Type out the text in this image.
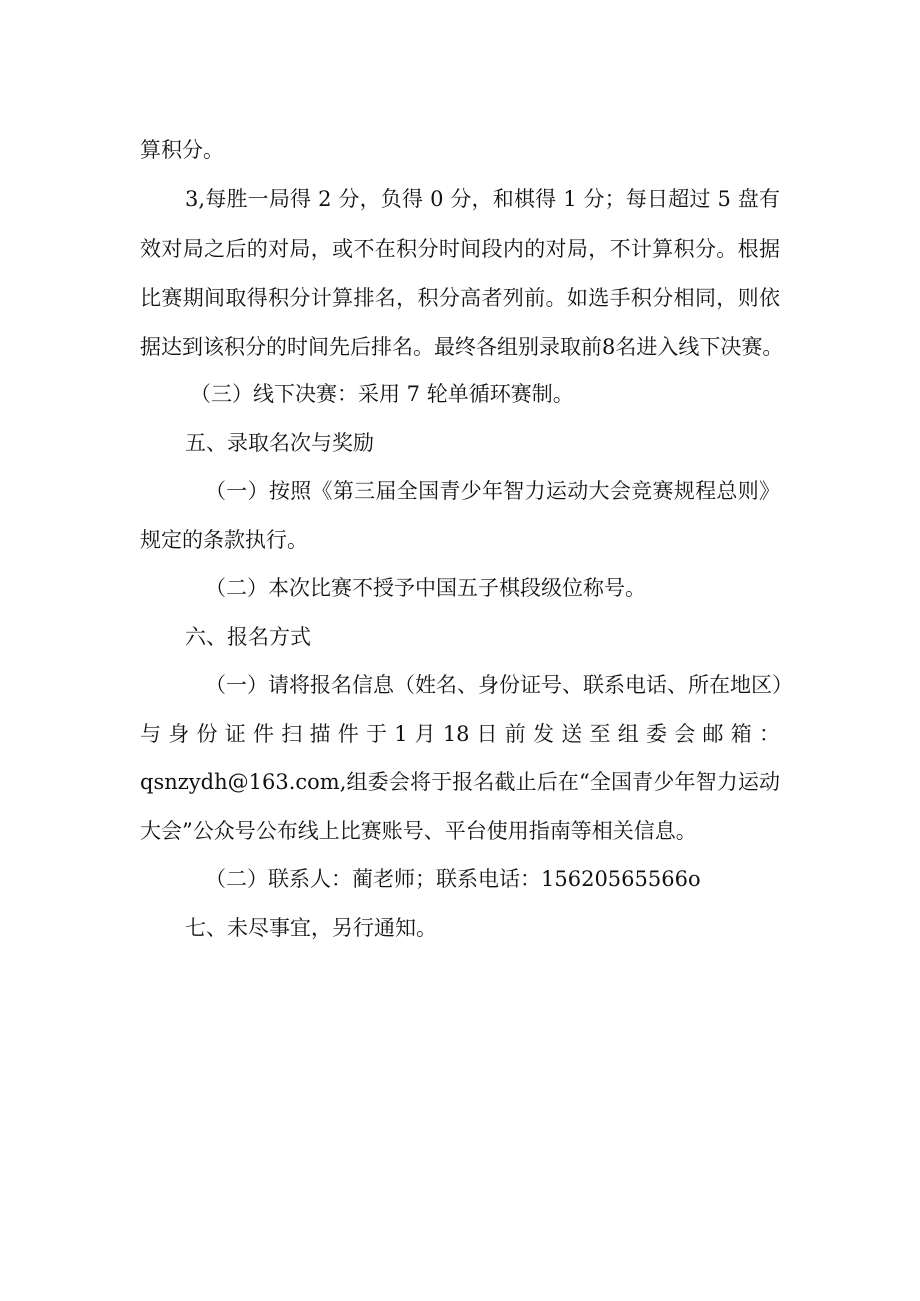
算积分。
3,每胜一局得 2 分，负得 0 分，和棋得 1 分；每日超过 5 盘有
效对局之后的对局，或不在积分时间段内的对局，不计算积分。根据
比赛期间取得积分计算排名，积分高者列前。如选手积分相同，则依
据达到该积分的时间先后排名。最终各组别录取前8名进入线下决赛。
（三）线下决赛：采用 7 轮单循环赛制。
五、录取名次与奖励
（一）按照《第三届全国青少年智力运动大会竞赛规程总则》
规定的条款执行。
（二）本次比赛不授予中国五子棋段级位称号。
六、报名方式
（一）请将报名信息（姓名、身份证号、联系电话、所在地区）
与 身 份 证 件 扫 描 件 于 1 月 18 日 前 发 送 至 组 委 会 邮 箱 ：
qsnzydh@163.com,组委会将于报名截止后在“全国青少年智力运动
大会”公众号公布线上比赛账号、平台使用指南等相关信息。
（二）联系人：蔺老师；联系电话：15620565566o
七、未尽事宜，另行通知。
